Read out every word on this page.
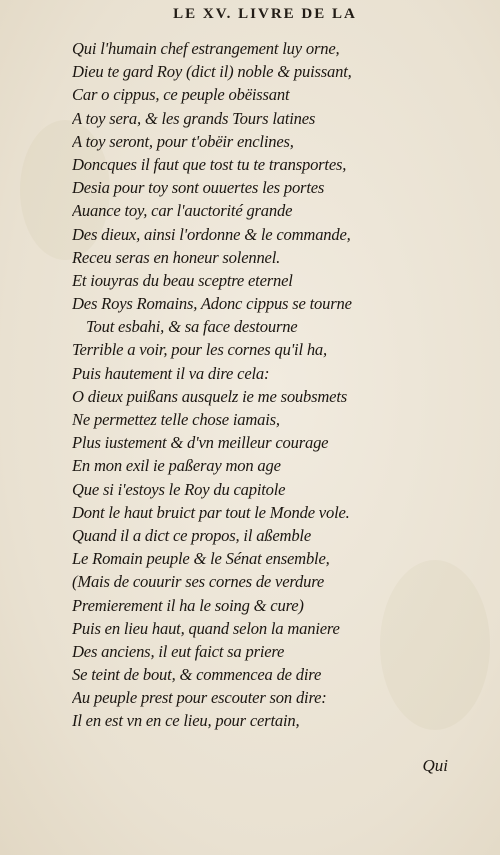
LE XV. LIVRE DE LA
Qui l'humain chef estrangement luy orne,
Dieu te gard Roy (dict il) noble & puissant,
Car o cippus, ce peuple obëissant
A toy sera, & les grands Tours latines
A toy seront, pour t'obëir enclines,
Doncques il faut que tost tu te transportes,
Desia pour toy sont ouuertes les portes
Auance toy, car l'auctorité grande
Des dieux, ainsi l'ordonne & le commande,
Receu seras en honeur solennel.
Et iouyras du beau sceptre eternel
Des Roys Romains, Adonc cippus se tourne
Tout esbahi, & sa face destourne
Terrible a voir, pour les cornes qu'il ha,
Puis hautement il va dire cela:
O dieux puißans ausquelz ie me soubsmets
Ne permettez telle chose iamais,
Plus iustement & d'vn meilleur courage
En mon exil ie paßeray mon age
Que si i'estoys le Roy du capitole
Dont le haut bruict par tout le Monde vole.
Quand il a dict ce propos, il aßemble
Le Romain peuple & le Sénat ensemble,
(Mais de couurir ses cornes de verdure
Premierement il ha le soing & cure)
Puis en lieu haut, quand selon la maniere
Des anciens, il eut faict sa priere
Se teint de bout, & commencea de dire
Au peuple prest pour escouter son dire:
Il en est vn en ce lieu, pour certain,
Qui
